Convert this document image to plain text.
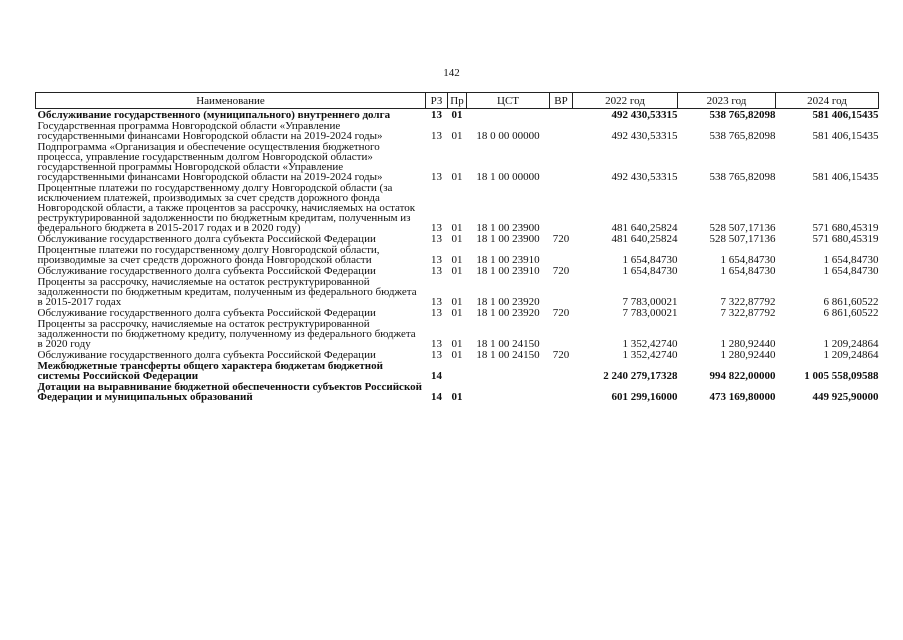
142
Наименование	РЗ	Пр	ЦСТ	ВР	2022 год	2023 год	2024 год
Обслуживание государственного (муниципального) внутреннего долга	13	01			492 430,53315	538 765,82098	581 406,15435
Государственная программа Новгородской области «Управление государственными финансами Новгородской области на 2019-2024 годы»	13	01	18 0 00 00000		492 430,53315	538 765,82098	581 406,15435
Подпрограмма «Организация и обеспечение осуществления бюджетного процесса, управление государственным долгом Новгородской области» государственной программы Новгородской области «Управление государственными финансами Новгородской области на 2019-2024 годы»	13	01	18 1 00 00000		492 430,53315	538 765,82098	581 406,15435
Процентные платежи по государственному долгу Новгородской области (за исключением платежей, производимых за счет средств дорожного фонда Новгородской области, а также процентов за рассрочку, начисляемых на остаток реструктурированной задолженности по бюджетным кредитам, полученным из федерального бюджета в 2015-2017 годах и в 2020 году)	13	01	18 1 00 23900		481 640,25824	528 507,17136	571 680,45319
Обслуживание государственного долга субъекта Российской Федерации	13	01	18 1 00 23900	720	481 640,25824	528 507,17136	571 680,45319
Процентные платежи по государственному долгу Новгородской области, производимые за счет средств дорожного фонда Новгородской области	13	01	18 1 00 23910		1 654,84730	1 654,84730	1 654,84730
Обслуживание государственного долга субъекта Российской Федерации	13	01	18 1 00 23910	720	1 654,84730	1 654,84730	1 654,84730
Проценты за рассрочку, начисляемые на остаток реструктурированной задолженности по бюджетным кредитам, полученным из федерального бюджета в 2015-2017 годах	13	01	18 1 00 23920		7 783,00021	7 322,87792	6 861,60522
Обслуживание государственного долга субъекта Российской Федерации	13	01	18 1 00 23920	720	7 783,00021	7 322,87792	6 861,60522
Проценты за рассрочку, начисляемые на остаток реструктурированной задолженности по бюджетному кредиту, полученному из федерального бюджета в 2020 году	13	01	18 1 00 24150		1 352,42740	1 280,92440	1 209,24864
Обслуживание государственного долга субъекта Российской Федерации	13	01	18 1 00 24150	720	1 352,42740	1 280,92440	1 209,24864
Межбюджетные трансферты общего характера бюджетам бюджетной системы Российской Федерации	14				2 240 279,17328	994 822,00000	1 005 558,09588
Дотации на выравнивание бюджетной обеспеченности субъектов Российской Федерации и муниципальных образований	14	01			601 299,16000	473 169,80000	449 925,90000
